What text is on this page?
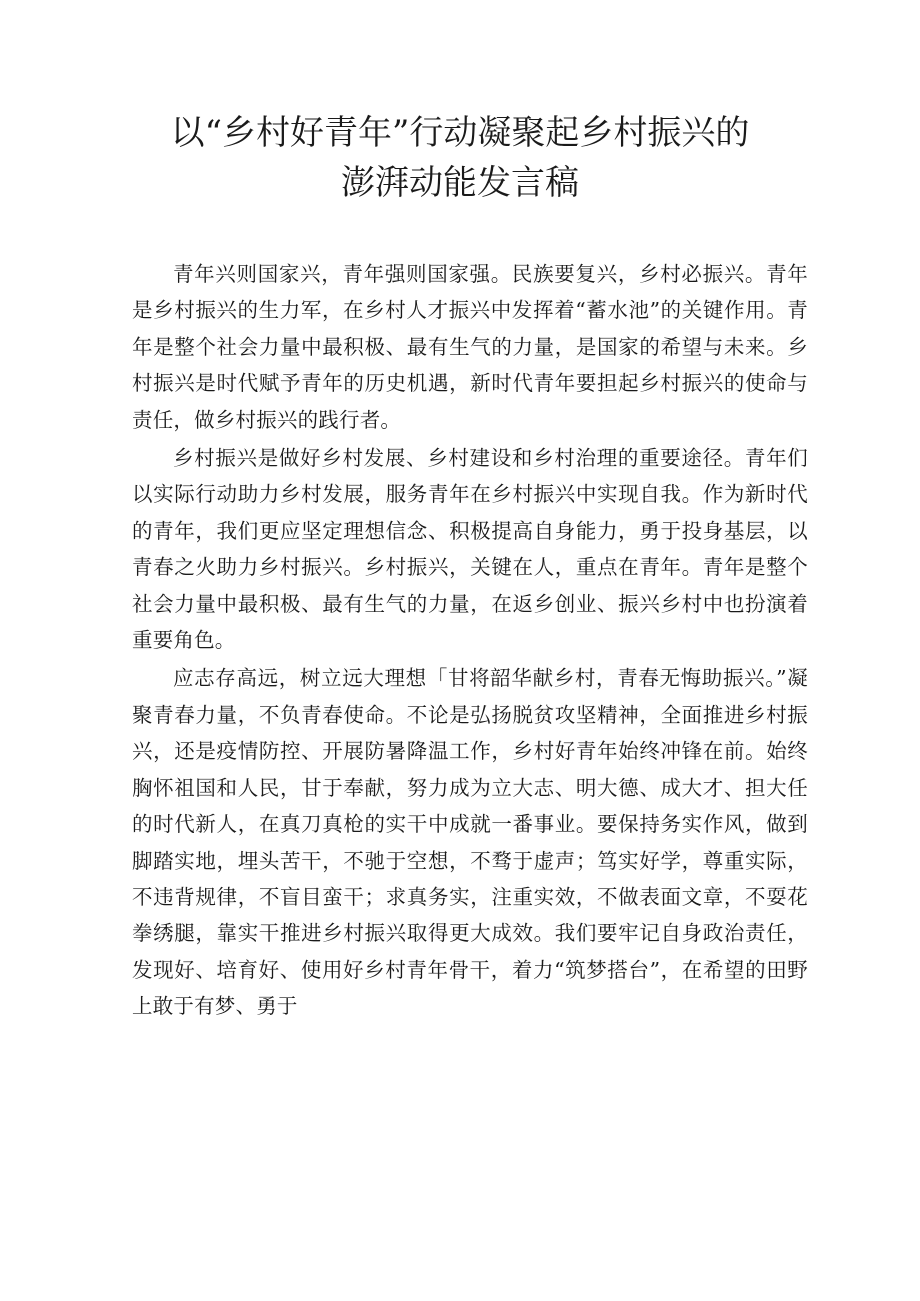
以“乡村好青年”行动凝聚起乡村振兴的
澎湃动能发言稿

青年兴则国家兴，青年强则国家强。民族要复兴，乡村必振兴。青年是乡村振兴的生力军，在乡村人才振兴中发挥着“蓄水池”的关键作用。青年是整个社会力量中最积极、最有生气的力量，是国家的希望与未来。乡村振兴是时代赋予青年的历史机遇，新时代青年要担起乡村振兴的使命与责任，做乡村振兴的践行者。

乡村振兴是做好乡村发展、乡村建设和乡村治理的重要途径。青年们以实际行动助力乡村发展，服务青年在乡村振兴中实现自我。作为新时代的青年，我们更应坚定理想信念、积极提高自身能力，勇于投身基层，以青春之火助力乡村振兴。乡村振兴，关键在人，重点在青年。青年是整个社会力量中最积极、最有生气的力量，在返乡创业、振兴乡村中也扮演着重要角色。

应志存高远，树立远大理想「甘将韶华献乡村，青春无悔助振兴。”凝聚青春力量，不负青春使命。不论是弘扬脱贫攻坚精神，全面推进乡村振兴，还是疫情防控、开展防暑降温工作，乡村好青年始终冲锋在前。始终胸怀祖国和人民，甘于奉献，努力成为立大志、明大德、成大才、担大任的时代新人，在真刀真枪的实干中成就一番事业。要保持务实作风，做到脚踏实地，埋头苦干，不驰于空想，不骛于虚声；笃实好学，尊重实际，不违背规律，不盲目蛮干；求真务实，注重实效，不做表面文章，不耍花拳绣腿，靠实干推进乡村振兴取得更大成效。我们要牢记自身政治责任，发现好、培育好、使用好乡村青年骨干，着力“筑梦搭台”，在希望的田野上敢于有梦、勇于
